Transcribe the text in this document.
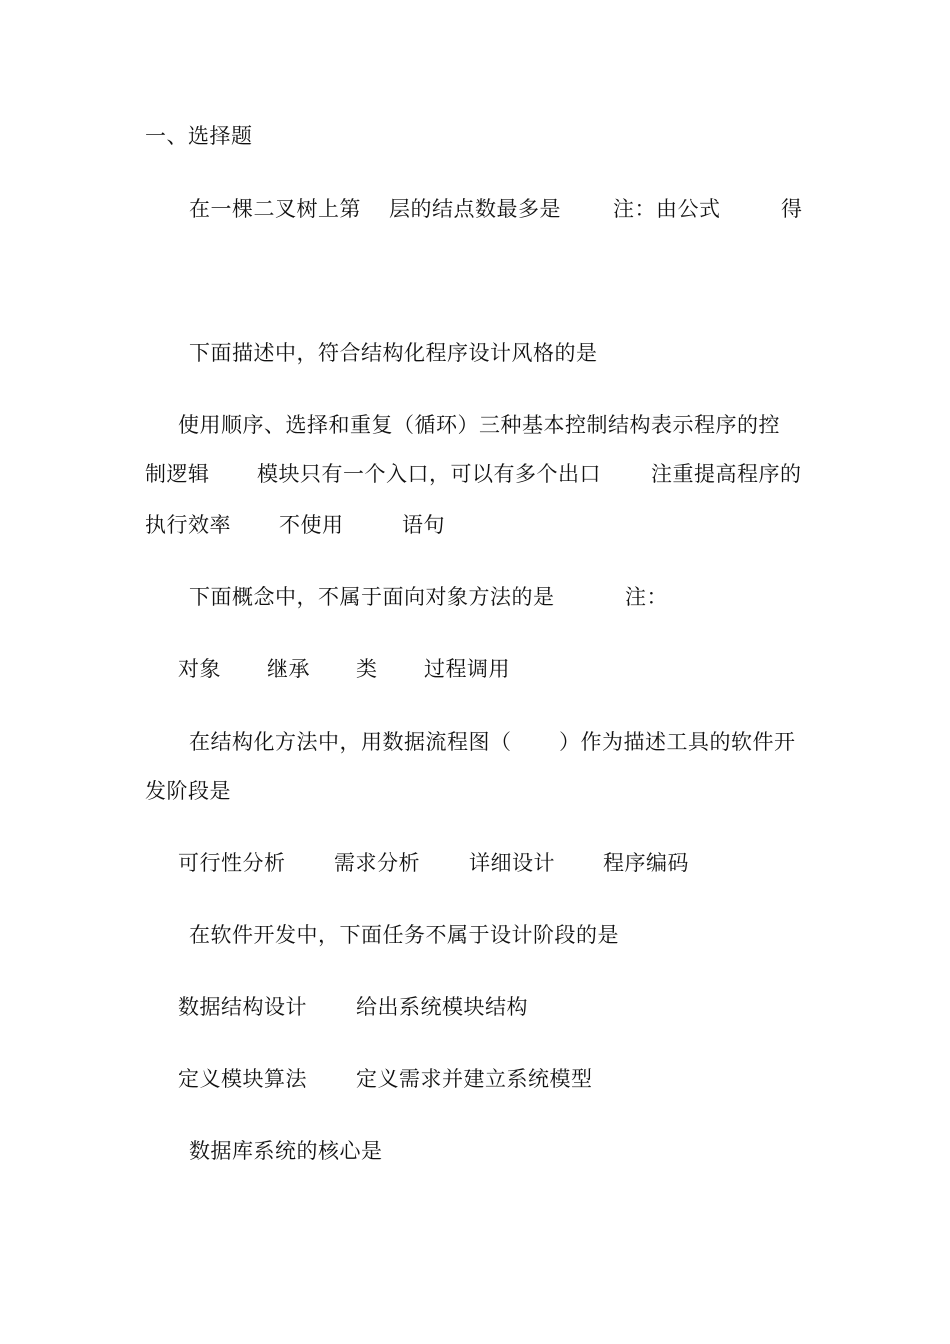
一、选择题

在一棵二叉树上第

层的结点数最多是

注：由公式

	得

下面描述中，符合结构化程序设计风格的是

使用顺序、选择和重复（循环）三种基本控制结构表示程序的控

制逻辑

模块只有一个入口，可以有多个出口

注重提高程序的

执行效率

不使用

	语句

下面概念中，不属于面向对象方法的是

	注：

对象

继承

类

过程调用

在结构化方法中，用数据流程图（

）作为描述工具的软件开

发阶段是

可行性分析

需求分析

详细设计

程序编码

在软件开发中，下面任务不属于设计阶段的是

数据结构设计

给出系统模块结构

定义模块算法

定义需求并建立系统模型

数据库系统的核心是
